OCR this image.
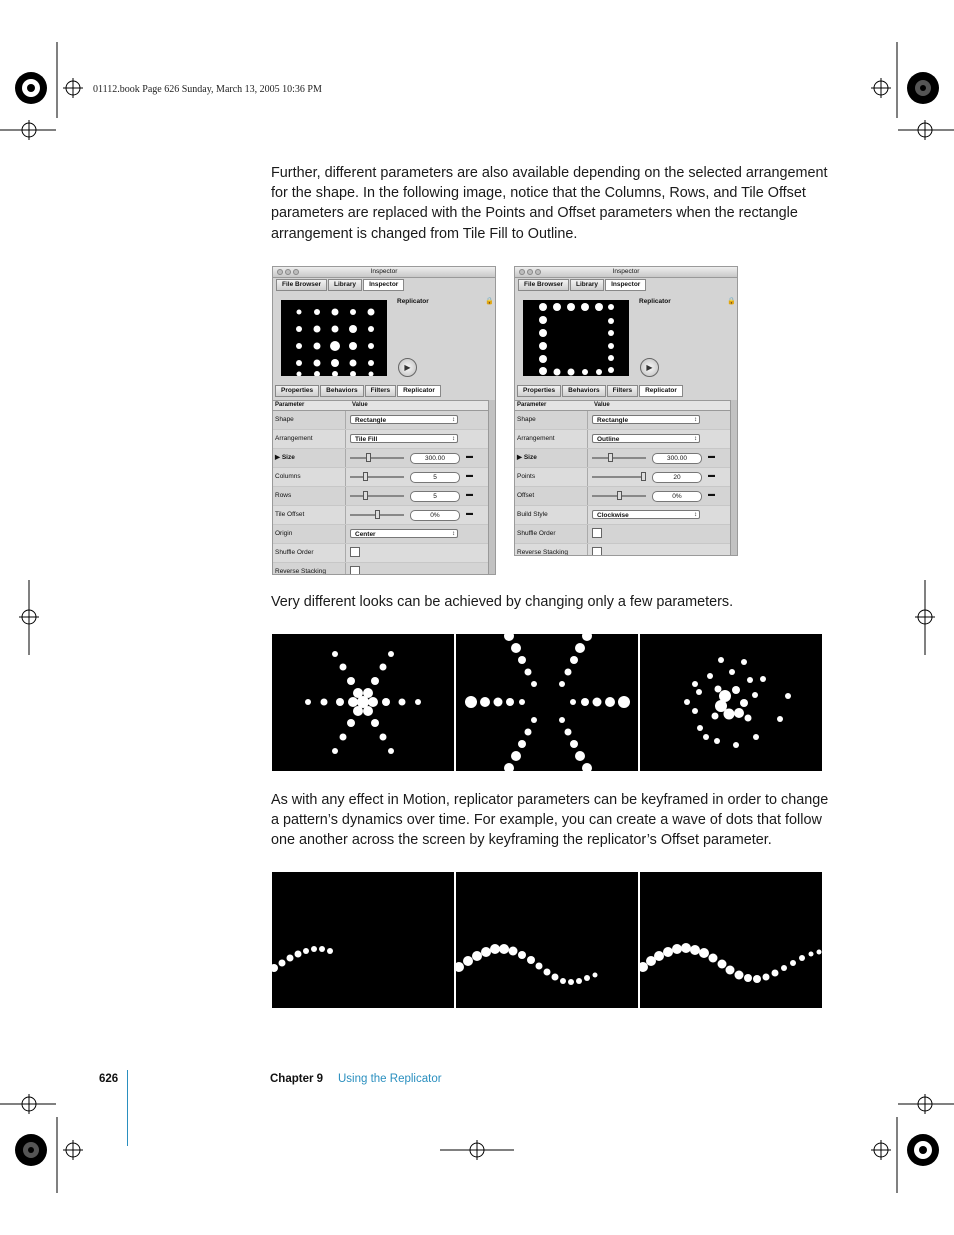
01112.book Page 626 Sunday, March 13, 2005 10:36 PM
Further, different parameters are also available depending on the selected arrangement for the shape. In the following image, notice that the Columns, Rows, and Tile Offset parameters are replaced with the Points and Offset parameters when the rectangle arrangement is changed from Tile Fill to Outline.
Inspector
File Browser	Library	Inspector
Replicator	🔒
▶
Properties	Behaviors	Filters	Replicator
Parameter	Value
Shape	Rectangle ↕
Arrangement	Tile Fill ↕
▶ Size	300.00	▬
Columns	5	▬
Rows	5	▬
Tile Offset	0%	▬
Origin	Center ↕
Shuffle Order
Reverse Stacking
Inspector
File Browser	Library	Inspector
Replicator	🔒
▶
Properties	Behaviors	Filters	Replicator
Parameter	Value
Shape	Rectangle ↕
Arrangement	Outline ↕
▶ Size	300.00	▬
Points	20	▬
Offset	0%	▬
Build Style	Clockwise ↕
Shuffle Order
Reverse Stacking
Very different looks can be achieved by changing only a few parameters.
As with any effect in Motion, replicator parameters can be keyframed in order to change a pattern’s dynamics over time. For example, you can create a wave of dots that follow one another across the screen by keyframing the replicator’s Offset parameter.
626	Chapter 9 Using the Replicator
